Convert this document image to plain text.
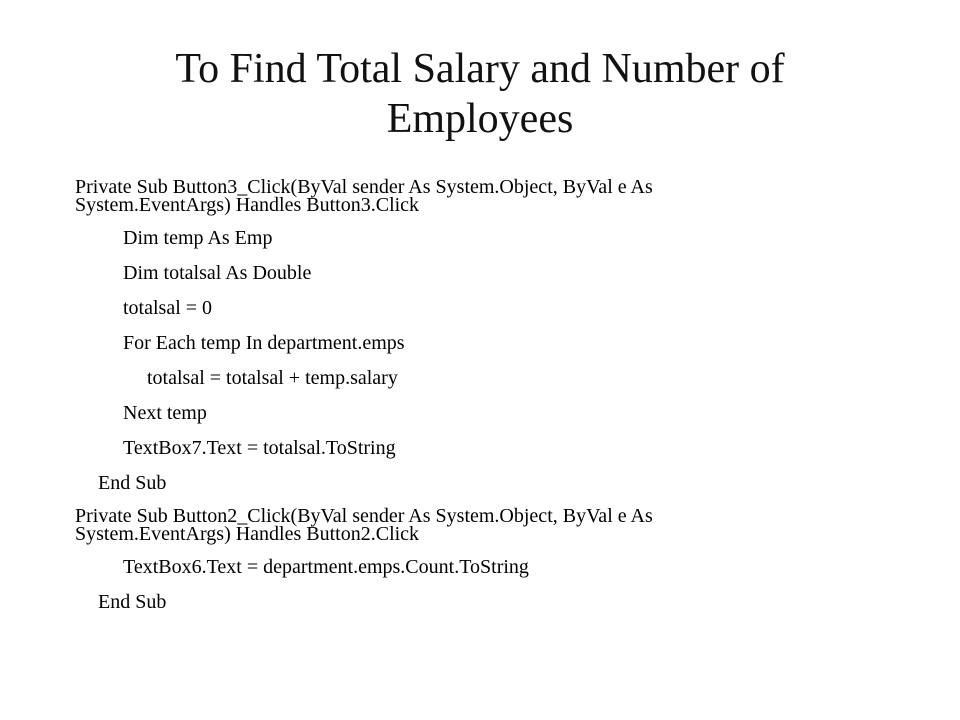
To Find Total Salary and Number of
Employees
Private Sub Button3_Click(ByVal sender As System.Object, ByVal e As
System.EventArgs) Handles Button3.Click
Dim temp As Emp
Dim totalsal As Double
totalsal = 0
For Each temp In department.emps
totalsal = totalsal + temp.salary
Next temp
TextBox7.Text = totalsal.ToString
End Sub
Private Sub Button2_Click(ByVal sender As System.Object, ByVal e As
System.EventArgs) Handles Button2.Click
TextBox6.Text = department.emps.Count.ToString
End Sub
